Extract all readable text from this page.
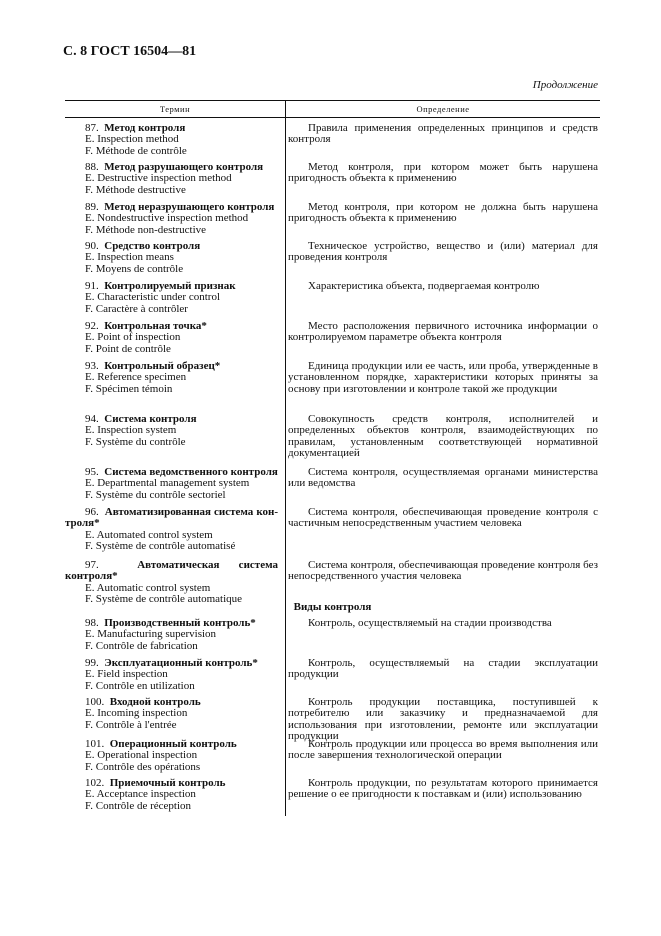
С. 8 ГОСТ 16504—81
Продолжение
Термин	Определение
Виды контроля
87. Метод контроля
E. Inspection method
F. Méthode de contrôle
Правила применения определенных принципов и средств контроля
88. Метод разрушающего контроля
E. Destructive inspection method
F. Méthode destructive
Метод контроля, при котором может быть нарушена пригодность объекта к применению
89. Метод неразрушающего контроля
E. Nondestructive inspection method
F. Méthode non-destructive
Метод контроля, при котором не должна быть нарушена пригодность объекта к применению
90. Средство контроля
E. Inspection means
F. Moyens de contrôle
Техническое устройство, вещество и (или) материал для проведения контроля
91. Контролируемый признак
E. Characteristic under control
F. Caractère à contrôler
Характеристика объекта, подвергаемая контролю
92. Контрольная точка*
E. Point of inspection
F. Point de contrôle
Место расположения первичного источника информации о контролируемом параметре объекта контроля
93. Контрольный образец*
E. Reference specimen
F. Spécimen témoin
Единица продукции или ее часть, или проба, утвержденные в установленном порядке, характеристики которых приняты за основу при изготовлении и контроле такой же продукции
94. Система контроля
E. Inspection system
F. Système du contrôle
Совокупность средств контроля, исполнителей и определенных объектов контроля, взаимодействующих по правилам, установленным соответствующей нормативной документацией
95. Система ведомственного контроля
E. Departmental management system
F. Système du contrôle sectoriel
Система контроля, осуществляемая органами министерства или ведомства
96. Автоматизированная система кон-троля*
E. Automated control system
F. Système de contrôle automatisé
Система контроля, обеспечивающая проведение контроля с частичным непосредственным участием человека
97.	Автоматическая система контроля*
E. Automatic control system
F. Système de contrôle automatique
Система контроля, обеспечивающая проведение контроля без непосредственного участия человека
98. Производственный контроль*
E. Manufacturing supervision
F. Contrôle de fabrication
Контроль, осуществляемый на стадии производства
99. Эксплуатационный контроль*
E. Field inspection
F. Contrôle en utilization
Контроль, осуществляемый на стадии эксплуатации продукции
100. Входной контроль
E. Incoming inspection
F. Contrôle à l'entrée
Контроль продукции поставщика, поступившей к потребителю или заказчику и предназначаемой для использования при изготовлении, ремонте или эксплуатации продукции
101. Операционный контроль
E. Operational inspection
F. Contrôle des opérations
Контроль продукции или процесса во время выполнения или после завершения технологической операции
102. Приемочный контроль
E. Acceptance inspection
F. Contrôle de réception
Контроль продукции, по результатам которого принимается решение о ее пригодности к поставкам и (или) использованию
